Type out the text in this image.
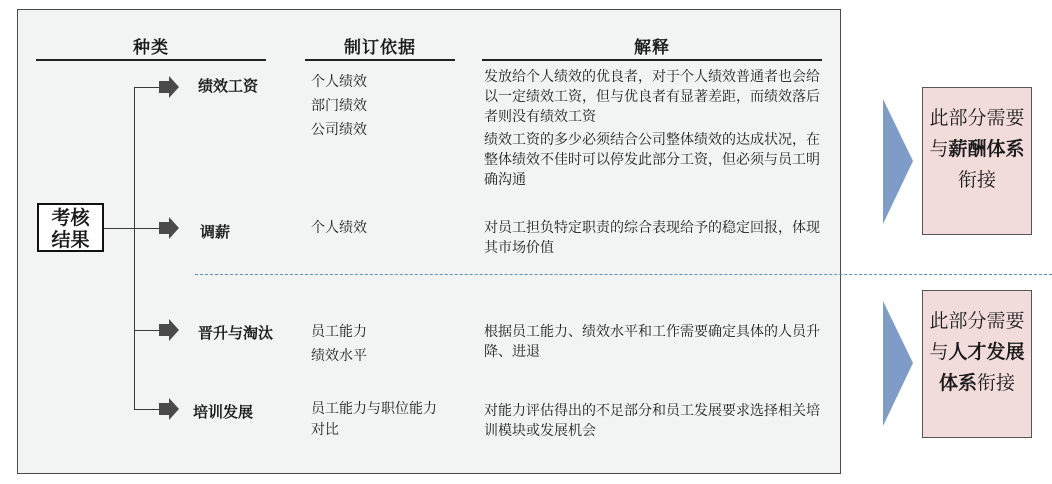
种类	制订依据	解释
考核
结果
绩效工资
调薪
晋升与淘汰
培训发展
个人绩效
部门绩效
公司绩效
个人绩效
员工能力
绩效水平
员工能力与职位能力对比
发放给个人绩效的优良者，对于个人绩效普通者也会给以一定绩效工资，但与优良者有显著差距，而绩效落后者则没有绩效工资
绩效工资的多少必须结合公司整体绩效的达成状况，在整体绩效不佳时可以停发此部分工资，但必须与员工明确沟通
对员工担负特定职责的综合表现给予的稳定回报，体现其市场价值
根据员工能力、绩效水平和工作需要确定具体的人员升降、进退
对能力评估得出的不足部分和员工发展要求选择相关培训模块或发展机会
此部分需要与薪酬体系衔接
此部分需要与人才发展体系衔接
